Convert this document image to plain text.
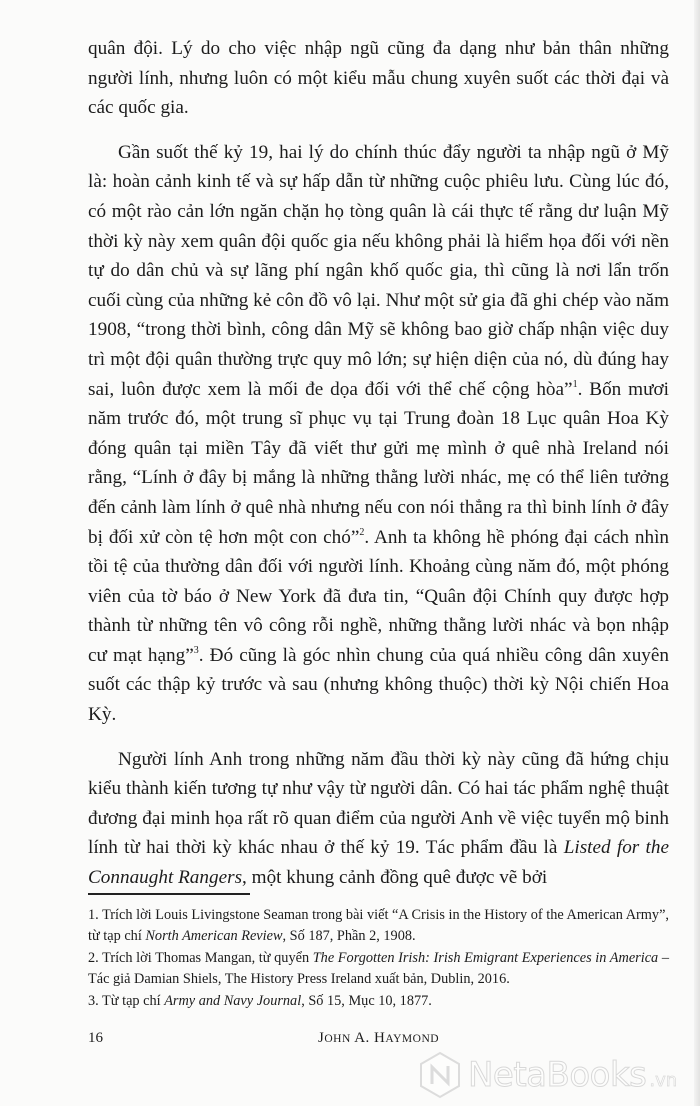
quân đội. Lý do cho việc nhập ngũ cũng đa dạng như bản thân những người lính, nhưng luôn có một kiểu mẫu chung xuyên suốt các thời đại và các quốc gia.

Gần suốt thế kỷ 19, hai lý do chính thúc đẩy người ta nhập ngũ ở Mỹ là: hoàn cảnh kinh tế và sự hấp dẫn từ những cuộc phiêu lưu. Cùng lúc đó, có một rào cản lớn ngăn chặn họ tòng quân là cái thực tế rằng dư luận Mỹ thời kỳ này xem quân đội quốc gia nếu không phải là hiểm họa đối với nền tự do dân chủ và sự lãng phí ngân khố quốc gia, thì cũng là nơi lẩn trốn cuối cùng của những kẻ côn đồ vô lại. Như một sử gia đã ghi chép vào năm 1908, “trong thời bình, công dân Mỹ sẽ không bao giờ chấp nhận việc duy trì một đội quân thường trực quy mô lớn; sự hiện diện của nó, dù đúng hay sai, luôn được xem là mối đe dọa đối với thể chế cộng hòa”$^1$. Bốn mươi năm trước đó, một trung sĩ phục vụ tại Trung đoàn 18 Lục quân Hoa Kỳ đóng quân tại miền Tây đã viết thư gửi mẹ mình ở quê nhà Ireland nói rằng, “Lính ở đây bị mắng là những thằng lười nhác, mẹ có thể liên tưởng đến cảnh làm lính ở quê nhà nhưng nếu con nói thẳng ra thì binh lính ở đây bị đối xử còn tệ hơn một con chó”$^2$. Anh ta không hề phóng đại cách nhìn tồi tệ của thường dân đối với người lính. Khoảng cùng năm đó, một phóng viên của tờ báo ở New York đã đưa tin, “Quân đội Chính quy được hợp thành từ những tên vô công rỗi nghề, những thằng lười nhác và bọn nhập cư mạt hạng”$^3$. Đó cũng là góc nhìn chung của quá nhiều công dân xuyên suốt các thập kỷ trước và sau (nhưng không thuộc) thời kỳ Nội chiến Hoa Kỳ.

Người lính Anh trong những năm đầu thời kỳ này cũng đã hứng chịu kiểu thành kiến tương tự như vậy từ người dân. Có hai tác phẩm nghệ thuật đương đại minh họa rất rõ quan điểm của người Anh về việc tuyển mộ binh lính từ hai thời kỳ khác nhau ở thế kỷ 19. Tác phẩm đầu là Listed for the Connaught Rangers, một khung cảnh đồng quê được vẽ bởi

1. Trích lời Louis Livingstone Seaman trong bài viết “A Crisis in the History of the American Army”, từ tạp chí North American Review, Số 187, Phần 2, 1908.

2. Trích lời Thomas Mangan, từ quyển The Forgotten Irish: Irish Emigrant Experiences in America – Tác giả Damian Shiels, The History Press Ireland xuất bản, Dublin, 2016.

3. Từ tạp chí Army and Navy Journal, Số 15, Mục 10, 1877.

16	JOHN A. HAYMOND
NetaBooks .vn
